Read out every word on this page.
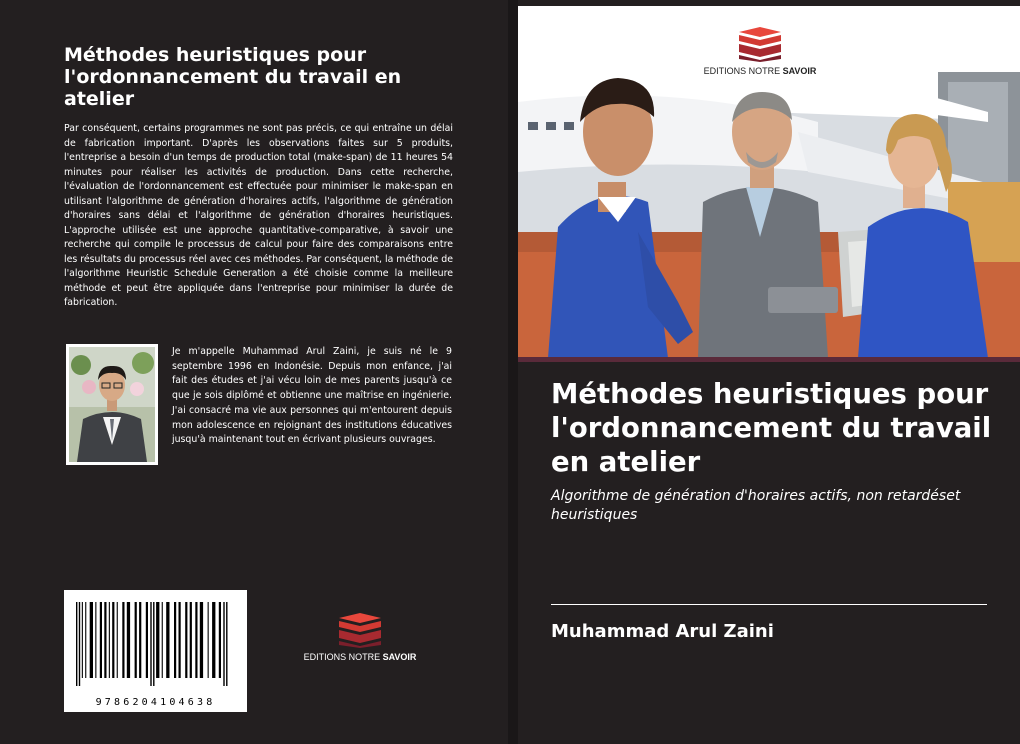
Méthodes heuristiques pour l'ordonnancement du travail en atelier

Par conséquent, certains programmes ne sont pas précis, ce qui entraîne un délai de fabrication important. D'après les observations faites sur 5 produits, l'entreprise a besoin d'un temps de production total (make-span) de 11 heures 54 minutes pour réaliser les activités de production. Dans cette recherche, l'évaluation de l'ordonnancement est effectuée pour minimiser le make-span en utilisant l'algorithme de génération d'horaires actifs, l'algorithme de génération d'horaires sans délai et l'algorithme de génération d'horaires heuristiques. L'approche utilisée est une approche quantitative-comparative, à savoir une recherche qui compile le processus de calcul pour faire des comparaisons entre les résultats du processus réel avec ces méthodes. Par conséquent, la méthode de l'algorithme Heuristic Schedule Generation a été choisie comme la meilleure méthode et peut être appliquée dans l'entreprise pour minimiser la durée de fabrication.

Je m'appelle Muhammad Arul Zaini, je suis né le 9 septembre 1996 en Indonésie. Depuis mon enfance, j'ai fait des études et j'ai vécu loin de mes parents jusqu'à ce que je sois diplômé et obtienne une maîtrise en ingénierie. J'ai consacré ma vie aux personnes qui m'entourent depuis mon adolescence en rejoignant des institutions éducatives jusqu'à maintenant tout en écrivant plusieurs ouvrages.

9786204104638
EDITIONS NOTRE SAVOIR
EDITIONS NOTRE SAVOIR
Méthodes heuristiques pour l'ordonnancement du travail en atelier

Algorithme de génération d'horaires actifs, non retardéset heuristiques

Muhammad Arul Zaini
